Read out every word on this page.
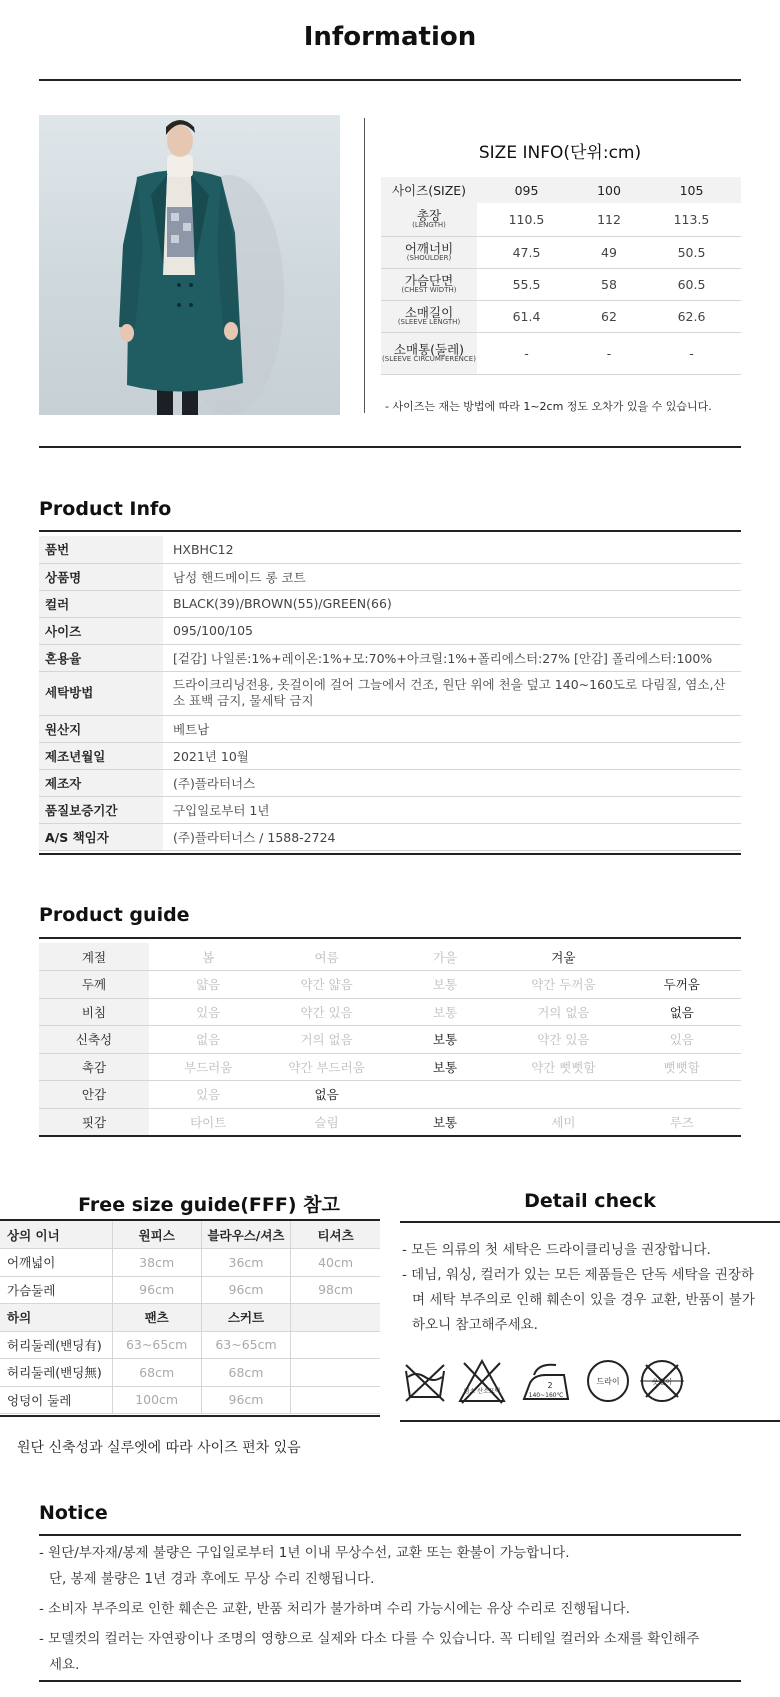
Information
SIZE INFO(단위:cm)
사이즈(SIZE)	095	100	105
총장
(LENGTH)	110.5	112	113.5
어깨너비
(SHOULDER)	47.5	49	50.5
가슴단면
(CHEST WIDTH)	55.5	58	60.5
소매길이
(SLEEVE LENGTH)	61.4	62	62.6
소매통(둘레)
(SLEEVE CIRCUMFERENCE)	-	-	-
- 사이즈는 재는 방법에 따라 1~2cm 정도 오차가 있을 수 있습니다.
Product Info
품번	HXBHC12
상품명	남성 핸드메이드 롱 코트
컬러	BLACK(39)/BROWN(55)/GREEN(66)
사이즈	095/100/105
혼용율	[겉감] 나일론:1%+레이온:1%+모:70%+아크릴:1%+폴리에스터:27% [안감] 폴리에스터:100%
세탁방법	드라이크리닝전용, 옷걸이에 걸어 그늘에서 건조, 원단 위에 천을 덮고 140~160도로 다림질, 염소,산소 표백 금지, 물세탁 금지
원산지	베트남
제조년월일	2021년 10월
제조자	(주)플라터너스
품질보증기간	구입일로부터 1년
A/S 책임자	(주)플라터너스 / 1588-2724
Product guide
계절	봄	여름	가을	겨울	
두께	얇음	약간 얇음	보통	약간 두꺼움	두꺼움
비침	있음	약간 있음	보통	거의 없음	없음
신축성	없음	거의 없음	보통	약간 있음	있음
촉감	부드러움	약간 부드러움	보통	약간 뻣뻣함	뻣뻣함
안감	있음	없음			
핏감	타이트	슬림	보통	세미	루즈
Free size guide(FFF) 참고
상의 이너	원피스	블라우스/셔츠	티셔츠
어깨넓이	38cm	36cm	40cm
가슴둘레	96cm	96cm	98cm
하의	팬츠	스커트	
허리둘레(밴딩有)	63~65cm	63~65cm	
허리둘레(밴딩無)	68cm	68cm	
엉덩이 둘레	100cm	96cm	
원단 신축성과 실루엣에 따라 사이즈 편차 있음
Detail check

- 모든 의류의 첫 세탁은 드라이클리닝을 권장합니다.

- 데님, 워싱, 컬러가 있는 모든 제품들은 단독 세탁을 권장하

며 세탁 부주의로 인해 훼손이 있을 경우 교환, 반품이 불가

하오니 참고해주세요.

염소 산소표백
2
140~160℃
드라이	옷걸이
Notice

- 원단/부자재/봉제 불량은 구입일로부터 1년 이내 무상수선, 교환 또는 환불이 가능합니다.

단, 봉제 불량은 1년 경과 후에도 무상 수리 진행됩니다.

- 소비자 부주의로 인한 훼손은 교환, 반품 처리가 불가하며 수리 가능시에는 유상 수리로 진행됩니다.

- 모델컷의 컬러는 자연광이나 조명의 영향으로 실제와 다소 다를 수 있습니다. 꼭 디테일 컬러와 소재를 확인해주

세요.
